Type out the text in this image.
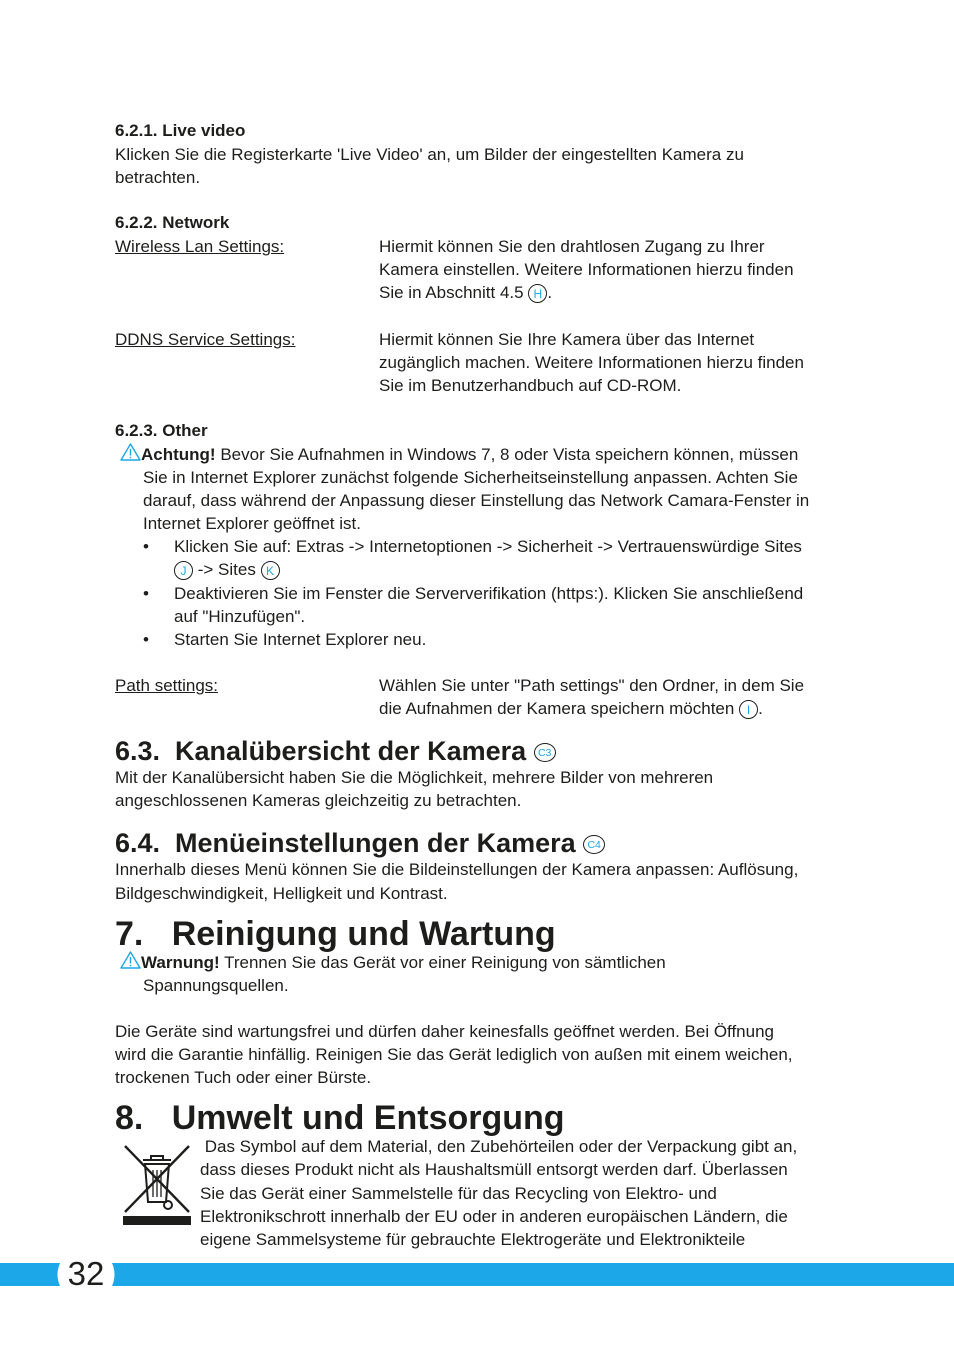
6.2.1. Live video
Klicken Sie die Registerkarte 'Live Video' an, um Bilder der eingestellten Kamera zu
betrachten.
6.2.2. Network
Wireless Lan Settings:	Hiermit können Sie den drahtlosen Zugang zu Ihrer
Kamera einstellen. Weitere Informationen hierzu finden
Sie in Abschnitt 4.5 H .
DDNS Service Settings:	Hiermit können Sie Ihre Kamera über das Internet
zugänglich machen. Weitere Informationen hierzu finden
Sie im Benutzerhandbuch auf CD-ROM.
6.2.3. Other
Achtung! Bevor Sie Aufnahmen in Windows 7, 8 oder Vista speichern können, müssen
Sie in Internet Explorer zunächst folgende Sicherheitseinstellung anpassen. Achten Sie
darauf, dass während der Anpassung dieser Einstellung das Network Camara-Fenster in
Internet Explorer geöffnet ist.
• Klicken Sie auf: Extras -> Internetoptionen -> Sicherheit -> Vertrauenswürdige Sites
J -> Sites K
• Deaktivieren Sie im Fenster die Serververifikation (https:). Klicken Sie anschließend
auf "Hinzufügen".
• Starten Sie Internet Explorer neu.
Path settings:	Wählen Sie unter "Path settings" den Ordner, in dem Sie
die Aufnahmen der Kamera speichern möchten I .
6.3.  Kanalübersicht der Kamera C3
Mit der Kanalübersicht haben Sie die Möglichkeit, mehrere Bilder von mehreren
angeschlossenen Kameras gleichzeitig zu betrachten.
6.4.  Menüeinstellungen der Kamera C4
Innerhalb dieses Menü können Sie die Bildeinstellungen der Kamera anpassen: Auflösung,
Bildgeschwindigkeit, Helligkeit und Kontrast.
7.   Reinigung und Wartung
Warnung! Trennen Sie das Gerät vor einer Reinigung von sämtlichen
Spannungsquellen.
Die Geräte sind wartungsfrei und dürfen daher keinesfalls geöffnet werden. Bei Öffnung
wird die Garantie hinfällig. Reinigen Sie das Gerät lediglich von außen mit einem weichen,
trockenen Tuch oder einer Bürste.
8.   Umwelt und Entsorgung
Das Symbol auf dem Material, den Zubehörteilen oder der Verpackung gibt an,
dass dieses Produkt nicht als Haushaltsmüll entsorgt werden darf. Überlassen
Sie das Gerät einer Sammelstelle für das Recycling von Elektro- und
Elektronikschrott innerhalb der EU oder in anderen europäischen Ländern, die
eigene Sammelsysteme für gebrauchte Elektrogeräte und Elektronikteile
32
